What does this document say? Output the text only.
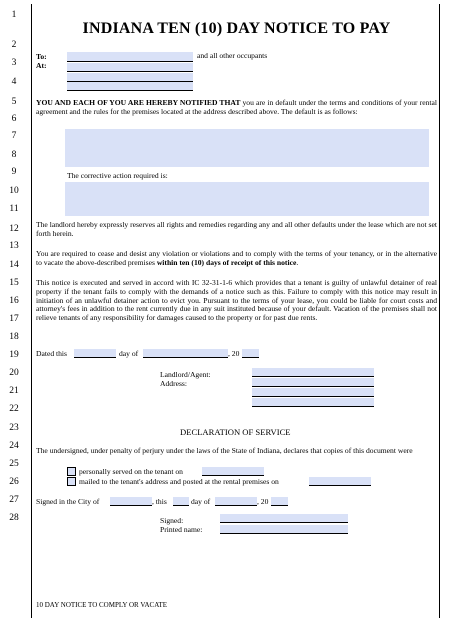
1
2
3
4
5
6
7
8
9
10
11
12
13
14
15
16
17
18
19
20
21
22
23
24
25
26
27
28
INDIANA TEN (10) DAY NOTICE TO PAY
To:
At:
and all other occupants
YOU AND EACH OF YOU ARE HEREBY NOTIFIED THAT you are in default under the terms and conditions of your rental agreement and the rules for the premises located at the address described above. The default is as follows:
The corrective action required is:
The landlord hereby expressly reserves all rights and remedies regarding any and all other defaults under the lease which are not set forth herein.
You are required to cease and desist any violation or violations and to comply with the terms of your tenancy, or in the alternative to vacate the above-described premises within ten (10) days of receipt of this notice.
This notice is executed and served in accord with IC 32-31-1-6 which provides that a tenant is guilty of unlawful detainer of real property if the tenant fails to comply with the demands of a notice such as this. Failure to comply with this notice may result in initiation of an unlawful detainer action to evict you. Pursuant to the terms of your lease, you could be liable for court costs and attorney's fees in addition to the rent currently due in any suit instituted because of your default. Vacation of the premises shall not relieve tenants of any responsibility for damages caused to the property or for past due rents.
Dated this	day of	, 20
Landlord/Agent:
Address:
DECLARATION OF SERVICE
The undersigned, under penalty of perjury under the laws of the State of Indiana, declares that copies of this document were
personally served on the tenant on
mailed to the tenant's address and posted at the rental premises on
Signed in the City of	, this	day of	, 20
Signed:
Printed name:
10 DAY NOTICE TO COMPLY OR VACATE
